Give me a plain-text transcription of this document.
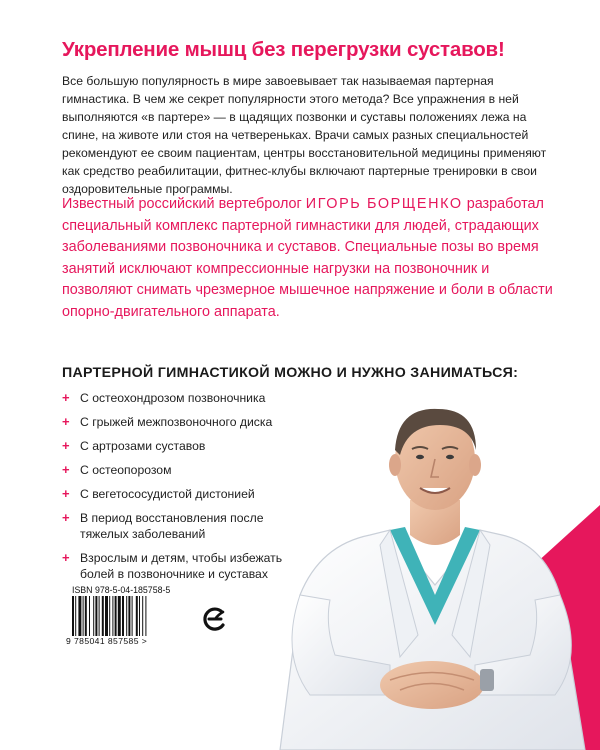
Укрепление мышц без перегрузки суставов!

Все большую популярность в мире завоевывает так называемая партерная гимнастика. В чем же секрет популярности этого метода? Все упражнения в ней выполняются «в партере» — в щадящих позвонки и суставы положениях лежа на спине, на животе или стоя на четвереньках. Врачи самых разных специальностей рекомендуют ее своим пациентам, центры восстановительной медицины применяют как средство реабилитации, фитнес-клубы включают партерные тренировки в свои оздоровительные программы.

Известный российский вертебролог ИГОРЬ БОРЩЕНКО разработал специальный комплекс партерной гимнастики для людей, страдающих заболеваниями позвоночника и суставов. Специальные позы во время занятий исключают компрессионные нагрузки на позвоночник и позволяют снимать чрезмерное мышечное напряжение и боли в области опорно-двигательного аппарата.

ПАРТЕРНОЙ ГИМНАСТИКОЙ МОЖНО И НУЖНО ЗАНИМАТЬСЯ:
+ С остеохондрозом позвоночника
+ С грыжей межпозвоночного диска
+ С артрозами суставов
+ С остеопорозом
+ С вегетососудистой дистонией
+ В период восстановления после
тяжелых заболеваний
+ Взрослым и детям, чтобы избежать
болей в позвоночнике и суставах
ISBN 978-5-04-185758-5
9 785041 857585 >
